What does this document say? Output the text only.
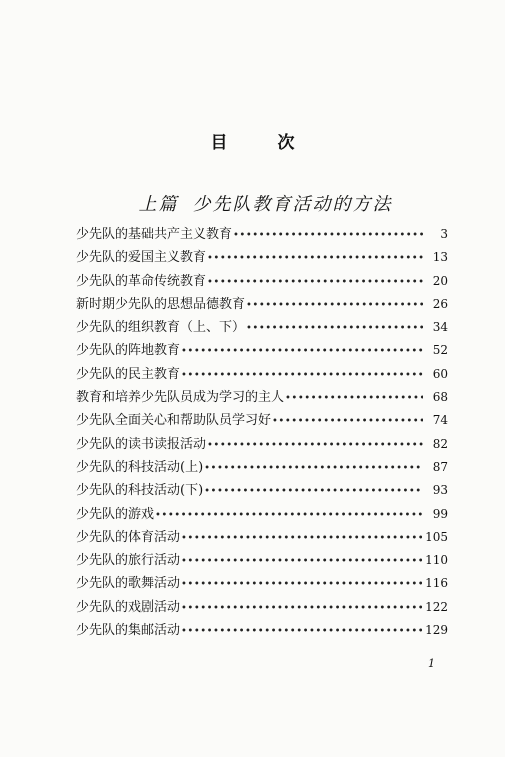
目 次
上篇 少先队教育活动的方法
少先队的基础共产主义教育 •••••	3
少先队的爱国主义教育 •••••	13
少先队的革命传统教育 •••••	20
新时期少先队的思想品德教育 •••••	26
少先队的组织教育（上、下） •••••	34
少先队的阵地教育 •••••	52
少先队的民主教育 •••••	60
教育和培养少先队员成为学习的主人 •••••	68
少先队全面关心和帮助队员学习好 •••••	74
少先队的读书读报活动 •••••	82
少先队的科技活动(上) •••••	87
少先队的科技活动(下) •••••	93
少先队的游戏 •••••	99
少先队的体育活动 •••••	105
少先队的旅行活动 •••••	110
少先队的歌舞活动 •••••	116
少先队的戏剧活动 •••••	122
少先队的集邮活动 •••••	129
1
